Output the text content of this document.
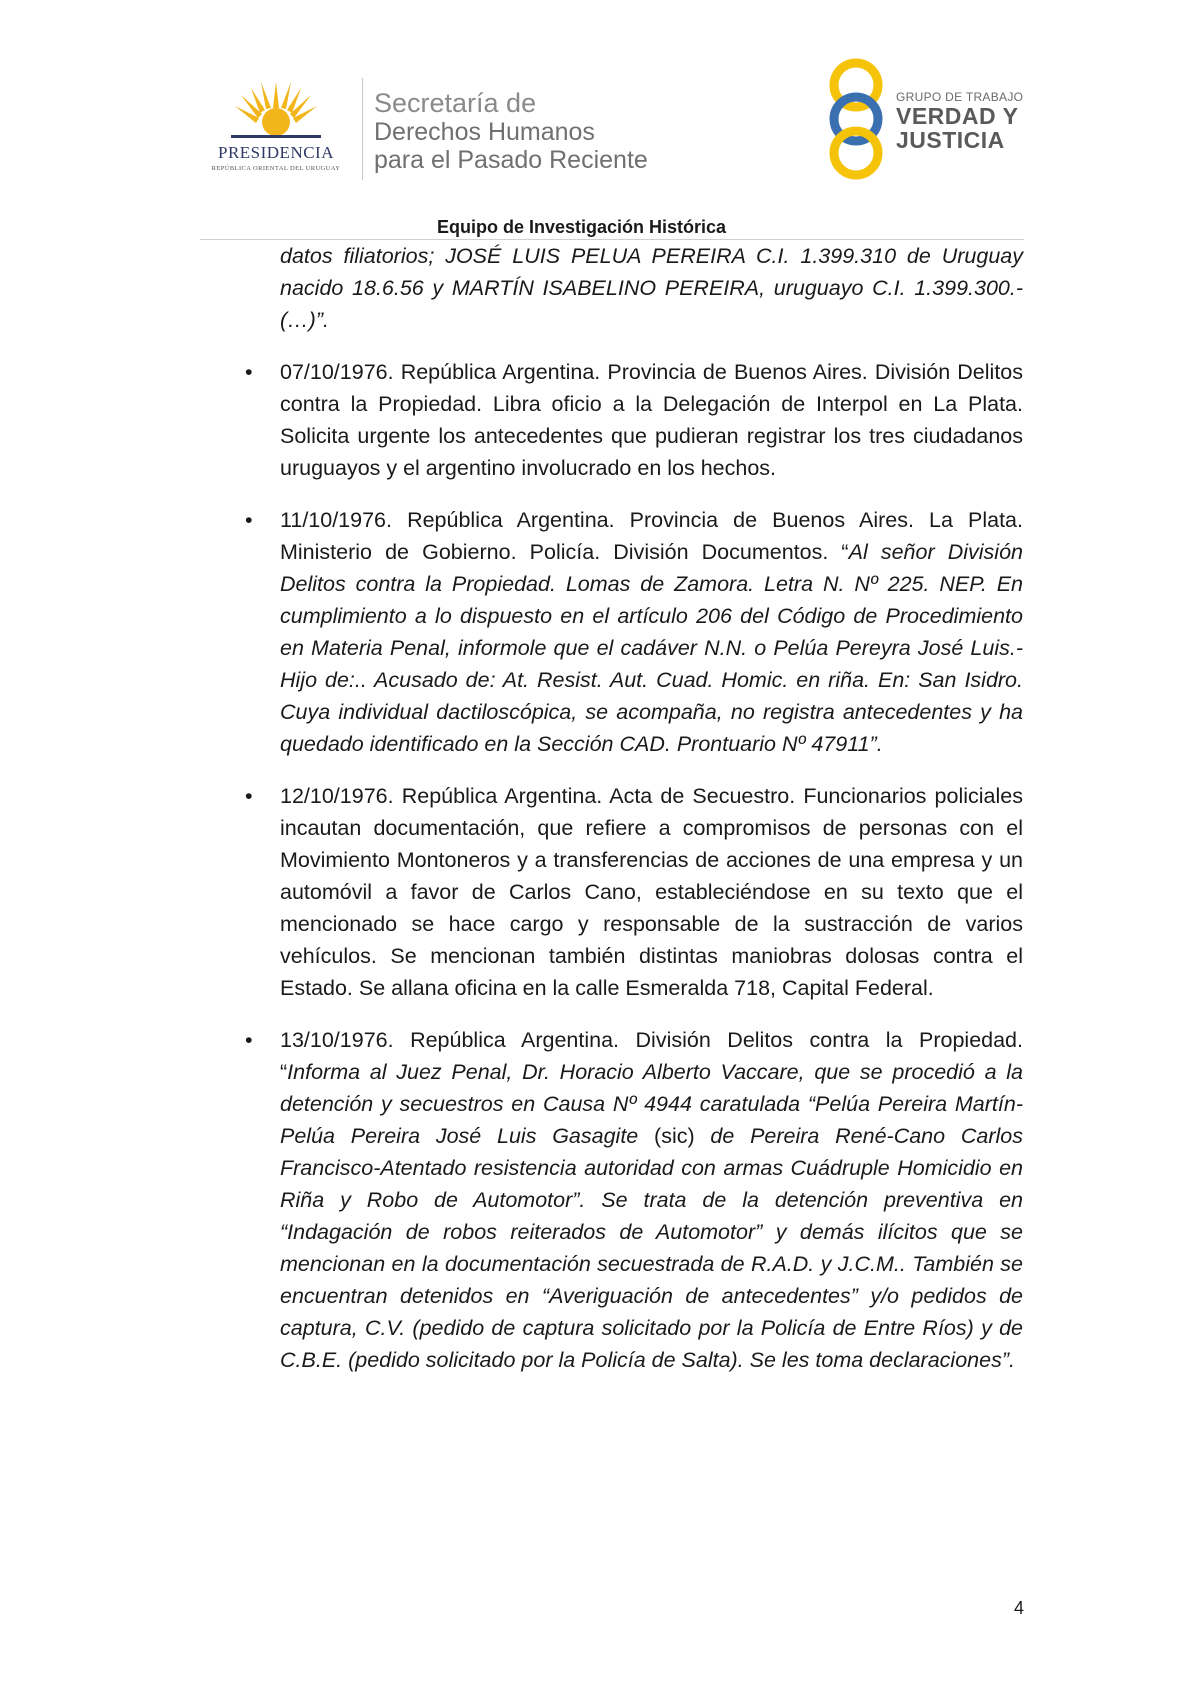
PRESIDENCIA
REPÚBLICA ORIENTAL DEL URUGUAY
Secretaría de
Derechos Humanos
para el Pasado Reciente
GRUPO DE TRABAJO
VERDAD Y
JUSTICIA
Equipo de Investigación Histórica

datos filiatorios; JOSÉ LUIS PELUA PEREIRA C.I. 1.399.310 de Uruguay nacido 18.6.56 y MARTÍN ISABELINO PEREIRA, uruguayo C.I. 1.399.300.- (…)”.

• 07/10/1976. República Argentina. Provincia de Buenos Aires. División Delitos contra la Propiedad. Libra oficio a la Delegación de Interpol en La Plata. Solicita urgente los antecedentes que pudieran registrar los tres ciudadanos uruguayos y el argentino involucrado en los hechos.

• 11/10/1976. República Argentina. Provincia de Buenos Aires. La Plata. Ministerio de Gobierno. Policía. División Documentos. “Al señor División Delitos contra la Propiedad. Lomas de Zamora. Letra N. Nº 225. NEP. En cumplimiento a lo dispuesto en el artículo 206 del Código de Procedimiento en Materia Penal, informole que el cadáver N.N. o Pelúa Pereyra José Luis.- Hijo de:.. Acusado de: At. Resist. Aut. Cuad. Homic. en riña. En: San Isidro. Cuya individual dactiloscópica, se acompaña, no registra antecedentes y ha quedado identificado en la Sección CAD. Prontuario Nº 47911”.

• 12/10/1976. República Argentina. Acta de Secuestro. Funcionarios policiales incautan documentación, que refiere a compromisos de personas con el Movimiento Montoneros y a transferencias de acciones de una empresa y un automóvil a favor de Carlos Cano, estableciéndose en su texto que el mencionado se hace cargo y responsable de la sustracción de varios vehículos. Se mencionan también distintas maniobras dolosas contra el Estado. Se allana oficina en la calle Esmeralda 718, Capital Federal.

• 13/10/1976. República Argentina. División Delitos contra la Propiedad. “Informa al Juez Penal, Dr. Horacio Alberto Vaccare, que se procedió a la detención y secuestros en Causa Nº 4944 caratulada “Pelúa Pereira Martín-Pelúa Pereira José Luis Gasagite (sic) de Pereira René-Cano Carlos Francisco-Atentado resistencia autoridad con armas Cuádruple Homicidio en Riña y Robo de Automotor”. Se trata de la detención preventiva en “Indagación de robos reiterados de Automotor” y demás ilícitos que se mencionan en la documentación secuestrada de R.A.D. y J.C.M.. También se encuentran detenidos en “Averiguación de antecedentes” y/o pedidos de captura, C.V. (pedido de captura solicitado por la Policía de Entre Ríos) y de C.B.E. (pedido solicitado por la Policía de Salta). Se les toma declaraciones”.

4
